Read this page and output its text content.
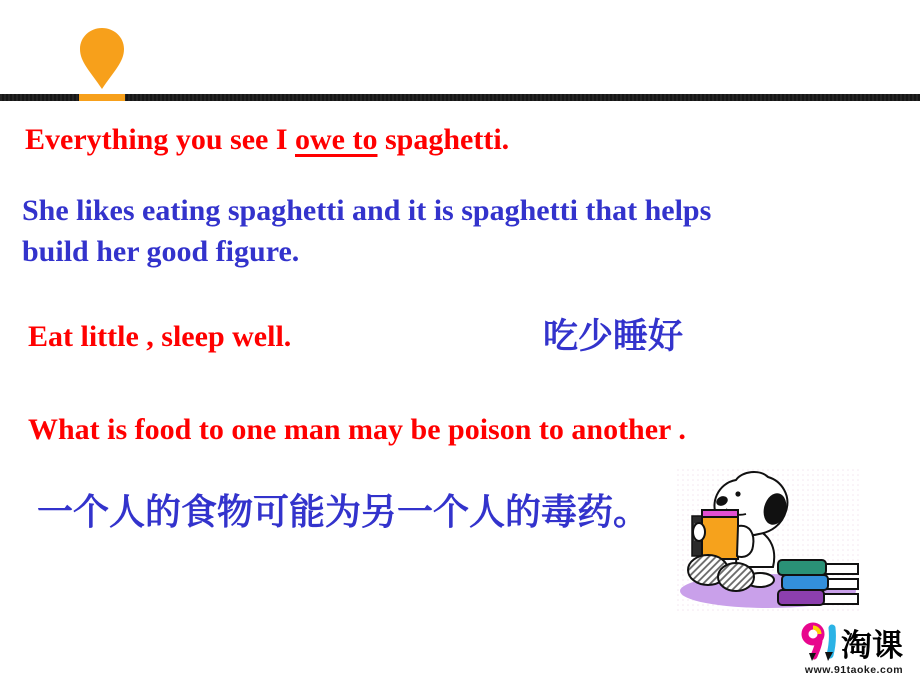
Everything you see I owe to spaghetti.
She likes eating spaghetti and it is spaghetti that helps
build her good figure.
Eat little , sleep well.	吃少睡好
What is food to one man may be poison to another .
一个人的食物可能为另一个人的毒药。
淘课
www.91taoke.com
